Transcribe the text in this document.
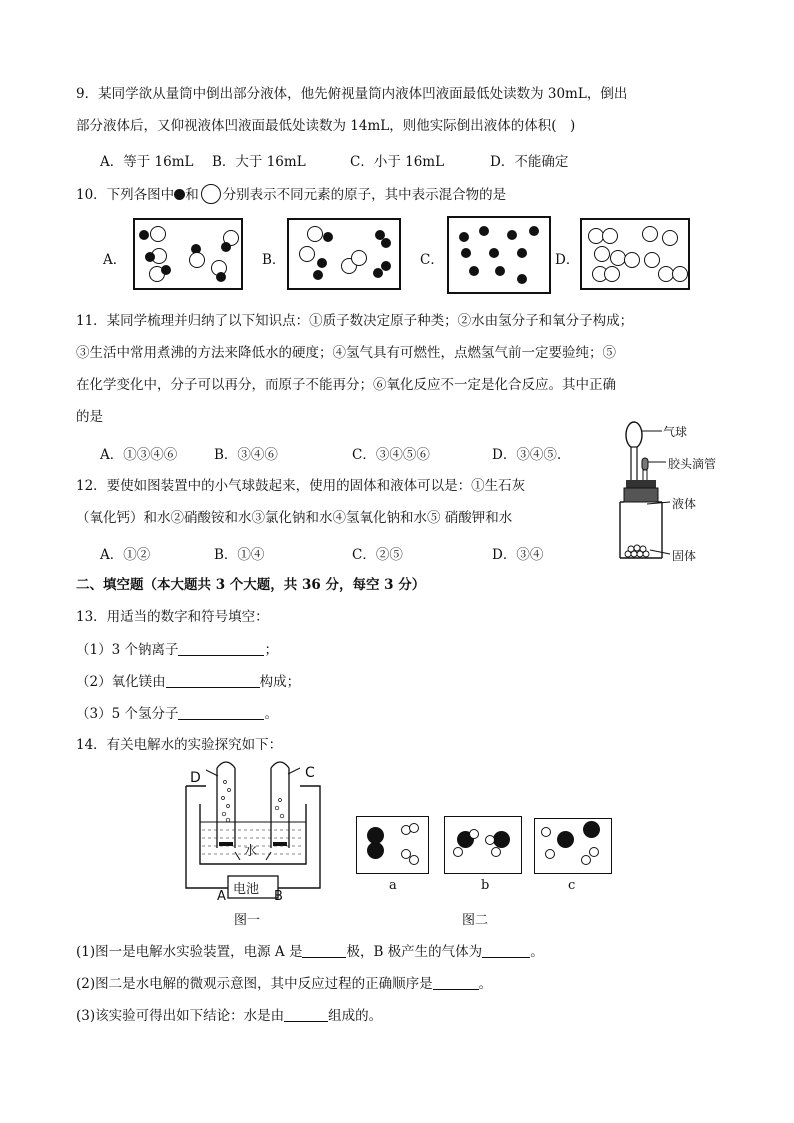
9．某同学欲从量筒中倒出部分液体，他先俯视量筒内液体凹液面最低处读数为 30mL，倒出
部分液体后，又仰视液体凹液面最低处读数为 14mL，则他实际倒出液体的体积(　)
A．等于 16mL B．大于 16mL	C．小于 16mL	D．不能确定
10．下列各图中 和 分别表示不同元素的原子，其中表示混合物的是
A．	B．	C．	D．
11．某同学梳理并归纳了以下知识点：①质子数决定原子种类；②水由氢分子和氧分子构成；
③生活中常用煮沸的方法来降低水的硬度；④氢气具有可燃性，点燃氢气前一定要验纯；⑤
在化学变化中，分子可以再分，而原子不能再分；⑥氧化反应不一定是化合反应。其中正确
的是
A．①③④⑥	B．③④⑥	C．③④⑤⑥	D．③④⑤.
12．要使如图装置中的小气球鼓起来，使用的固体和液体可以是：①生石灰
（氧化钙）和水②硝酸铵和水③氯化钠和水④氢氧化钠和水⑤ 硝酸钾和水
A．①②	B．①④	C．②⑤	D．③④
气球
胶头滴管
液体
固体
二、填空题（本大题共 3 个大题，共 36 分，每空 3 分）
13．用适当的数字和符号填空：
（1）3 个钠离子	；
（2）氧化镁由	构成；
（3）5 个氢分子	。
14．有关电解水的实验探究如下：
D	C
水
电池
A	B
图一
a	b	c
图二
(1)图一是电解水实验装置，电源 A 是	极，B 极产生的气体为	。
(2)图二是水电解的微观示意图，其中反应过程的正确顺序是	。
(3)该实验可得出如下结论：水是由	组成的。
